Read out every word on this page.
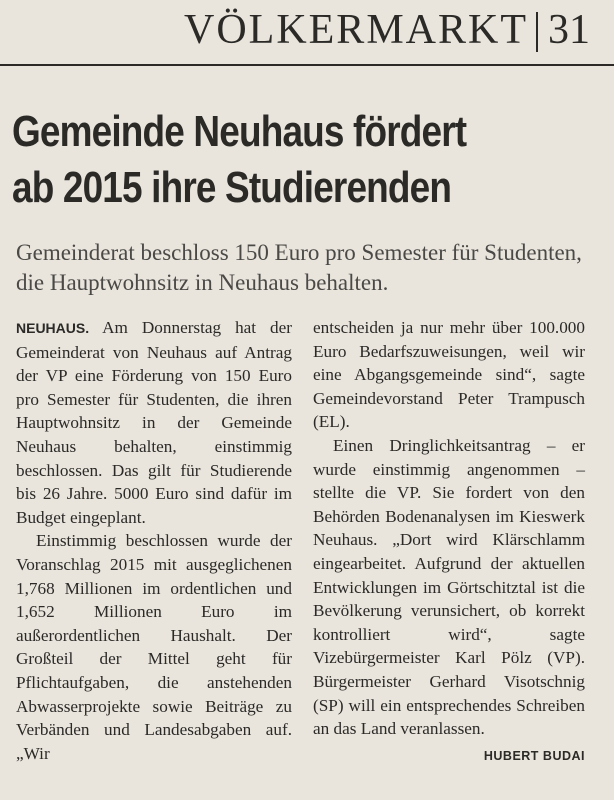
VÖLKERMARKT 31
Gemeinde Neuhaus fördert
ab 2015 ihre Studierenden

Gemeinderat beschloss 150 Euro pro Semester für Studenten, die Hauptwohnsitz in Neuhaus behalten.

NEUHAUS. Am Donnerstag hat der Gemeinderat von Neuhaus auf Antrag der VP eine Förderung von 150 Euro pro Semester für Studenten, die ihren Hauptwohnsitz in der Gemeinde Neuhaus behalten, einstimmig beschlossen. Das gilt für Studierende bis 26 Jahre. 5000 Euro sind dafür im Budget eingeplant.

Einstimmig beschlossen wurde der Voranschlag 2015 mit ausgeglichenen 1,768 Millionen im ordentlichen und 1,652 Millionen Euro im außerordentlichen Haushalt. Der Großteil der Mittel geht für Pflichtaufgaben, die anstehenden Abwasserprojekte sowie Beiträge zu Verbänden und Landesabgaben auf. „Wir

entscheiden ja nur mehr über 100.000 Euro Bedarfszuweisungen, weil wir eine Abgangsgemeinde sind“, sagte Gemeindevorstand Peter Trampusch (EL).

Einen Dringlichkeitsantrag – er wurde einstimmig angenommen – stellte die VP. Sie fordert von den Behörden Bodenanalysen im Kieswerk Neuhaus. „Dort wird Klärschlamm eingearbeitet. Aufgrund der aktuellen Entwicklungen im Görtschitztal ist die Bevölkerung verunsichert, ob korrekt kontrolliert wird“, sagte Vizebürgermeister Karl Pölz (VP). Bürgermeister Gerhard Visotschnig (SP) will ein entsprechendes Schreiben an das Land veranlassen.
HUBERT BUDAI
